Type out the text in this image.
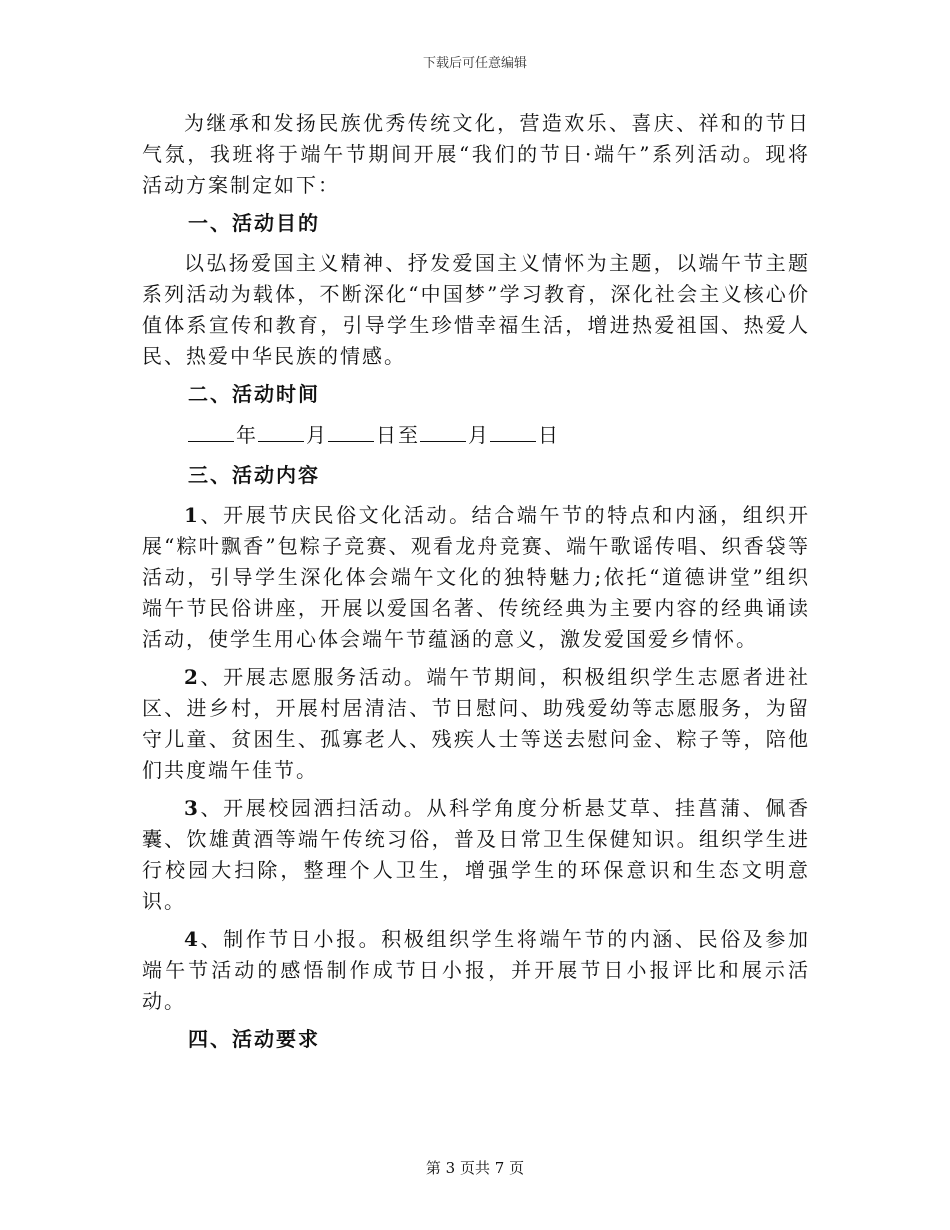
下载后可任意编辑

为继承和发扬民族优秀传统文化，营造欢乐、喜庆、祥和的节日气氛，我班将于端午节期间开展“我们的节日·端午”系列活动。现将活动方案制定如下：

一、活动目的

以弘扬爱国主义精神、抒发爱国主义情怀为主题，以端午节主题系列活动为载体，不断深化“中国梦”学习教育，深化社会主义核心价值体系宣传和教育，引导学生珍惜幸福生活，增进热爱祖国、热爱人民、热爱中华民族的情感。

二、活动时间
年 月 日至 月 日
三、活动内容

1、开展节庆民俗文化活动。结合端午节的特点和内涵，组织开展“粽叶飘香”包粽子竞赛、观看龙舟竞赛、端午歌谣传唱、织香袋等活动，引导学生深化体会端午文化的独特魅力;依托“道德讲堂”组织端午节民俗讲座，开展以爱国名著、传统经典为主要内容的经典诵读活动，使学生用心体会端午节蕴涵的意义，激发爱国爱乡情怀。

2、开展志愿服务活动。端午节期间，积极组织学生志愿者进社区、进乡村，开展村居清洁、节日慰问、助残爱幼等志愿服务，为留守儿童、贫困生、孤寡老人、残疾人士等送去慰问金、粽子等，陪他们共度端午佳节。

3、开展校园洒扫活动。从科学角度分析悬艾草、挂菖蒲、佩香囊、饮雄黄酒等端午传统习俗，普及日常卫生保健知识。组织学生进行校园大扫除，整理个人卫生，增强学生的环保意识和生态文明意识。

4、制作节日小报。积极组织学生将端午节的内涵、民俗及参加端午节活动的感悟制作成节日小报，并开展节日小报评比和展示活动。

四、活动要求
第 3 页共 7 页
